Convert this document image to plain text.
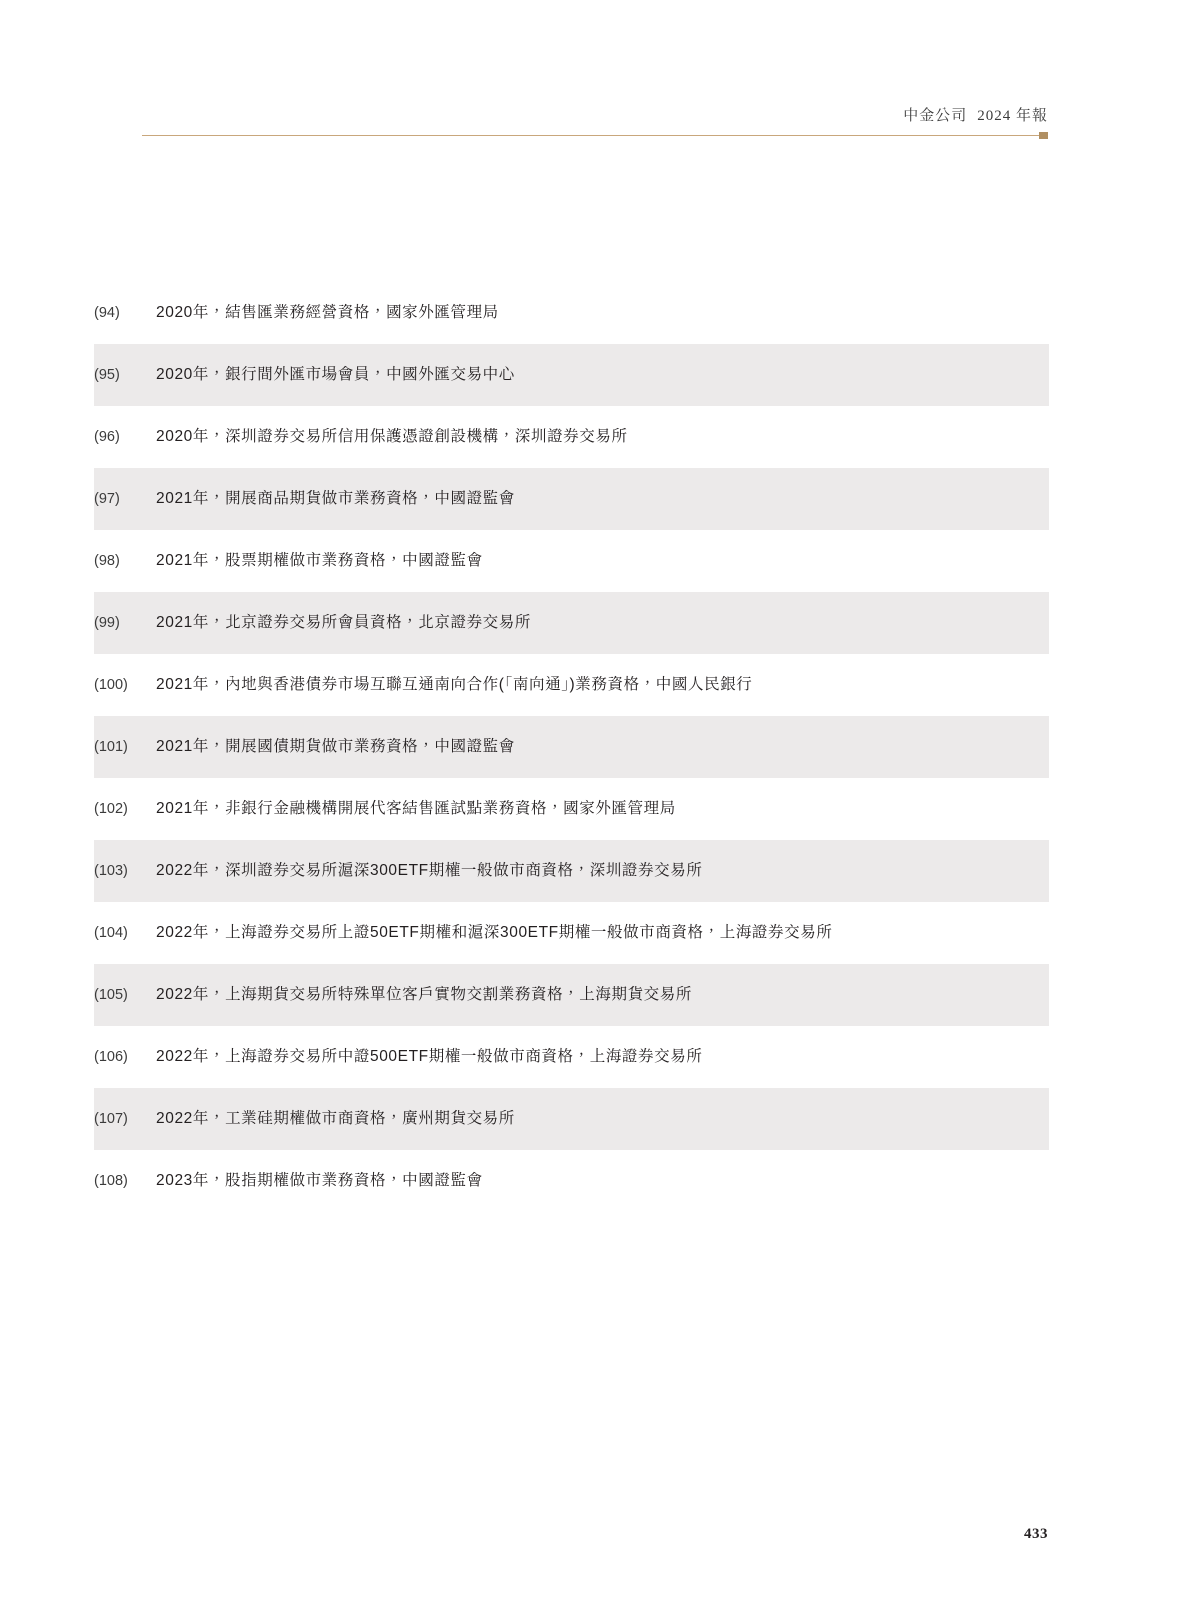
中金公司 2024 年報
(94)	2020年，結售匯業務經營資格，國家外匯管理局
(95)	2020年，銀行間外匯市場會員，中國外匯交易中心
(96)	2020年，深圳證券交易所信用保護憑證創設機構，深圳證券交易所
(97)	2021年，開展商品期貨做市業務資格，中國證監會
(98)	2021年，股票期權做市業務資格，中國證監會
(99)	2021年，北京證券交易所會員資格，北京證券交易所
(100)	2021年，內地與香港債券市場互聯互通南向合作(「南向通」)業務資格，中國人民銀行
(101)	2021年，開展國債期貨做市業務資格，中國證監會
(102)	2021年，非銀行金融機構開展代客結售匯試點業務資格，國家外匯管理局
(103)	2022年，深圳證券交易所滬深300ETF期權一般做市商資格，深圳證券交易所
(104)	2022年，上海證券交易所上證50ETF期權和滬深300ETF期權一般做市商資格，上海證券交易所
(105)	2022年，上海期貨交易所特殊單位客戶實物交割業務資格，上海期貨交易所
(106)	2022年，上海證券交易所中證500ETF期權一般做市商資格，上海證券交易所
(107)	2022年，工業硅期權做市商資格，廣州期貨交易所
(108)	2023年，股指期權做市業務資格，中國證監會
433
